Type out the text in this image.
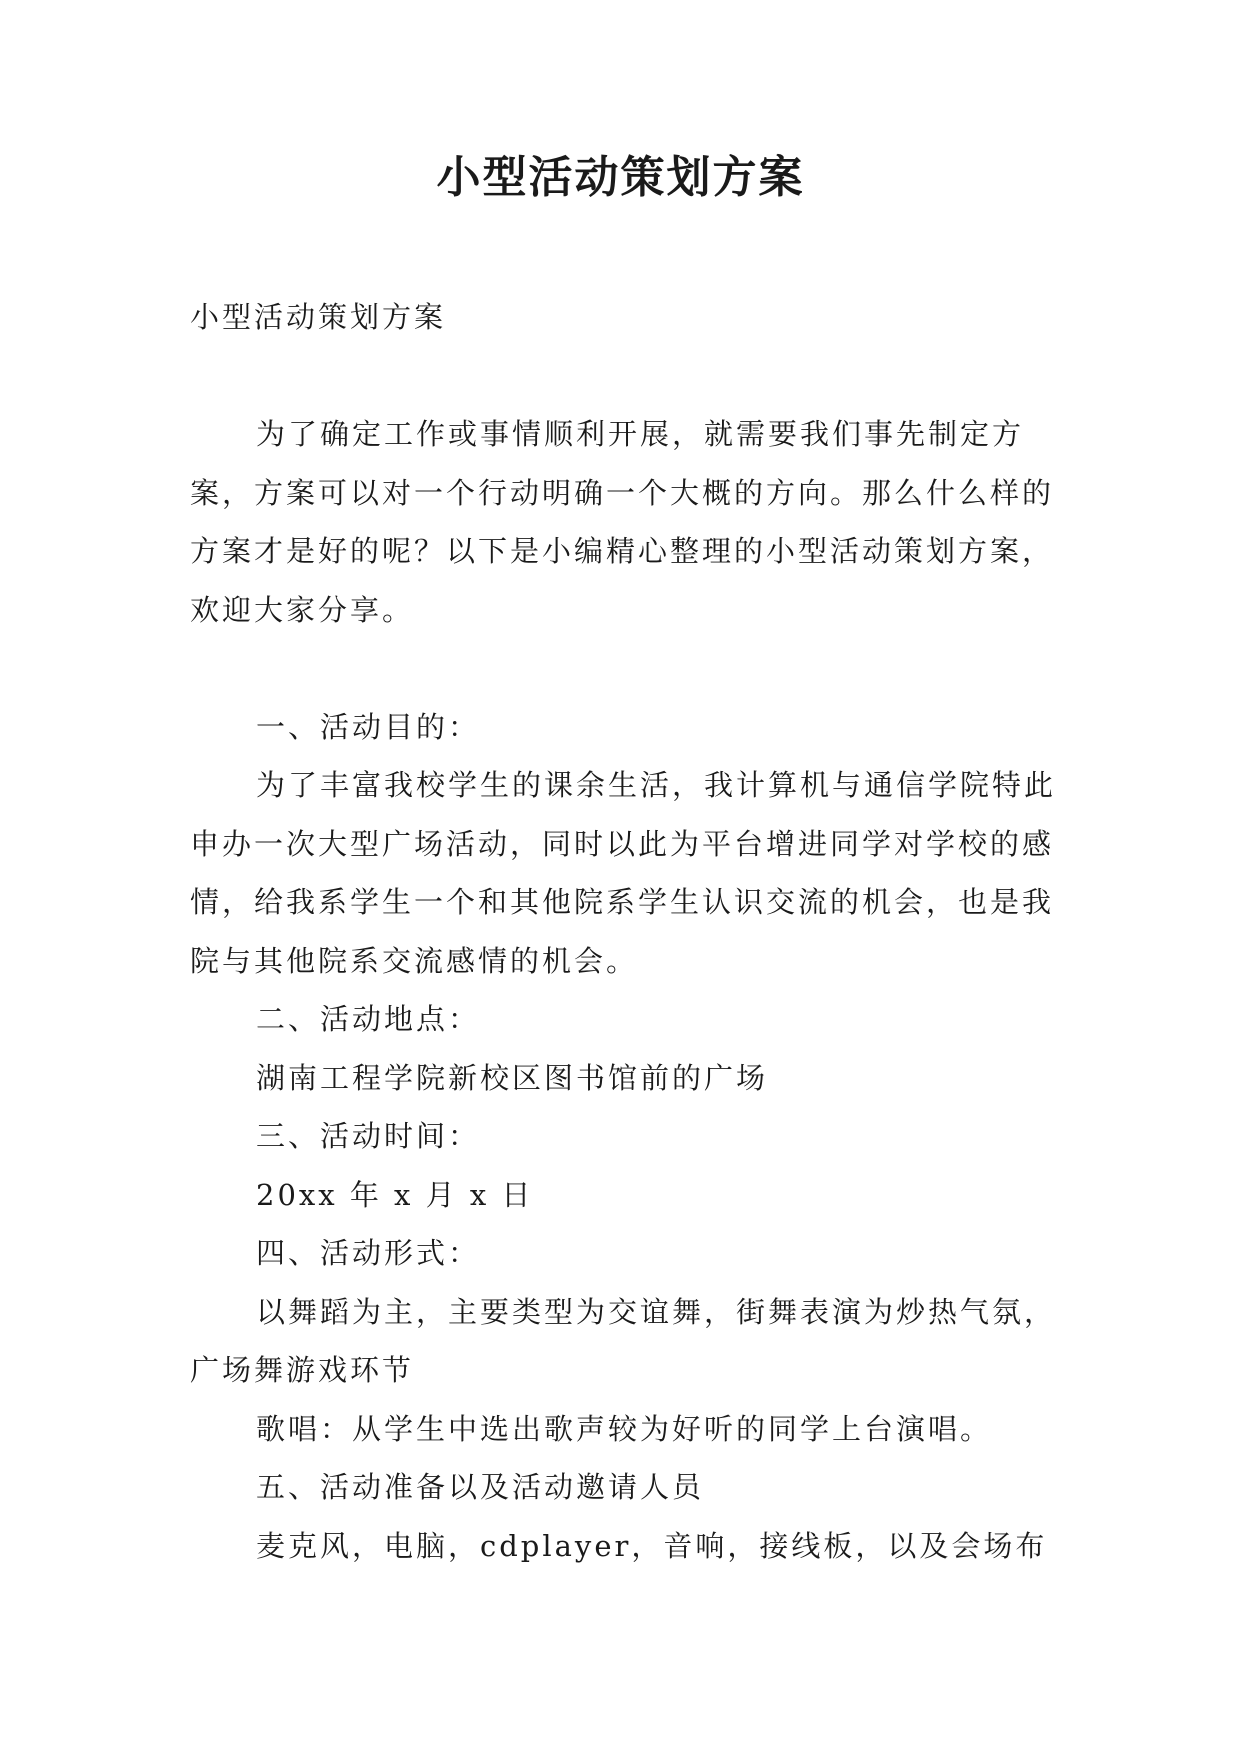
小型活动策划方案

小型活动策划方案

为了确定工作或事情顺利开展，就需要我们事先制定方案，方案可以对一个行动明确一个大概的方向。那么什么样的方案才是好的呢？以下是小编精心整理的小型活动策划方案，欢迎大家分享。

一、活动目的：

为了丰富我校学生的课余生活，我计算机与通信学院特此申办一次大型广场活动，同时以此为平台增进同学对学校的感情，给我系学生一个和其他院系学生认识交流的机会，也是我院与其他院系交流感情的机会。

二、活动地点：

湖南工程学院新校区图书馆前的广场

三、活动时间：

20xx 年 x 月 x 日

四、活动形式：

以舞蹈为主，主要类型为交谊舞，街舞表演为炒热气氛，广场舞游戏环节

歌唱：从学生中选出歌声较为好听的同学上台演唱。

五、活动准备以及活动邀请人员

麦克风，电脑，cdplayer，音响，接线板，以及会场布
